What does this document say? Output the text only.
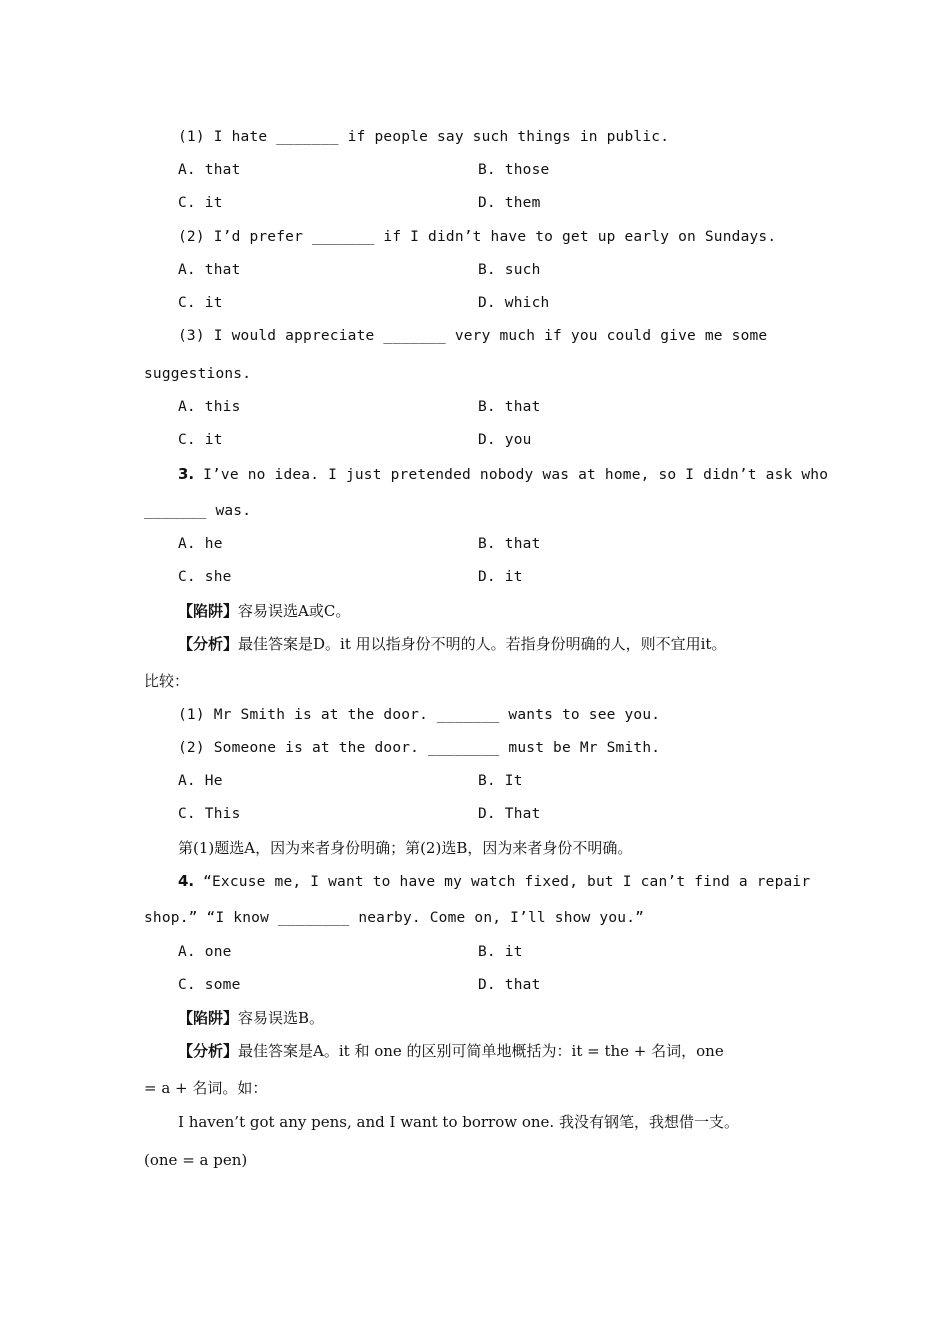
(1) I hate _______ if people say such things in public.
A. that	B. those
C. it	D. them
(2) I’d prefer _______ if I didn’t have to get up early on Sundays.
A. that	B. such
C. it	D. which
(3) I would appreciate _______ very much if you could give me some
suggestions.
A. this	B. that
C. it	D. you
3. I’ve no idea. I just pretended nobody was at home, so I didn’t ask who
_______ was.
A. he	B. that
C. she	D. it
【陷阱】容易误选A或C。
【分析】最佳答案是D。it 用以指身份不明的人。若指身份明确的人，则不宜用it。
比较：
(1) Mr Smith is at the door. _______ wants to see you.
(2) Someone is at the door. ________ must be Mr Smith.
A. He	B. It
C. This	D. That
第(1)题选A，因为来者身份明确；第(2)选B，因为来者身份不明确。
4. “Excuse me, I want to have my watch fixed, but I can’t find a repair
shop.” “I know ________ nearby. Come on, I’ll show you.”
A. one	B. it
C. some	D. that
【陷阱】容易误选B。
【分析】最佳答案是A。it 和 one 的区别可简单地概括为：it = the + 名词，one
= a + 名词。如：
I haven’t got any pens, and I want to borrow one. 我没有钢笔，我想借一支。
(one = a pen)
